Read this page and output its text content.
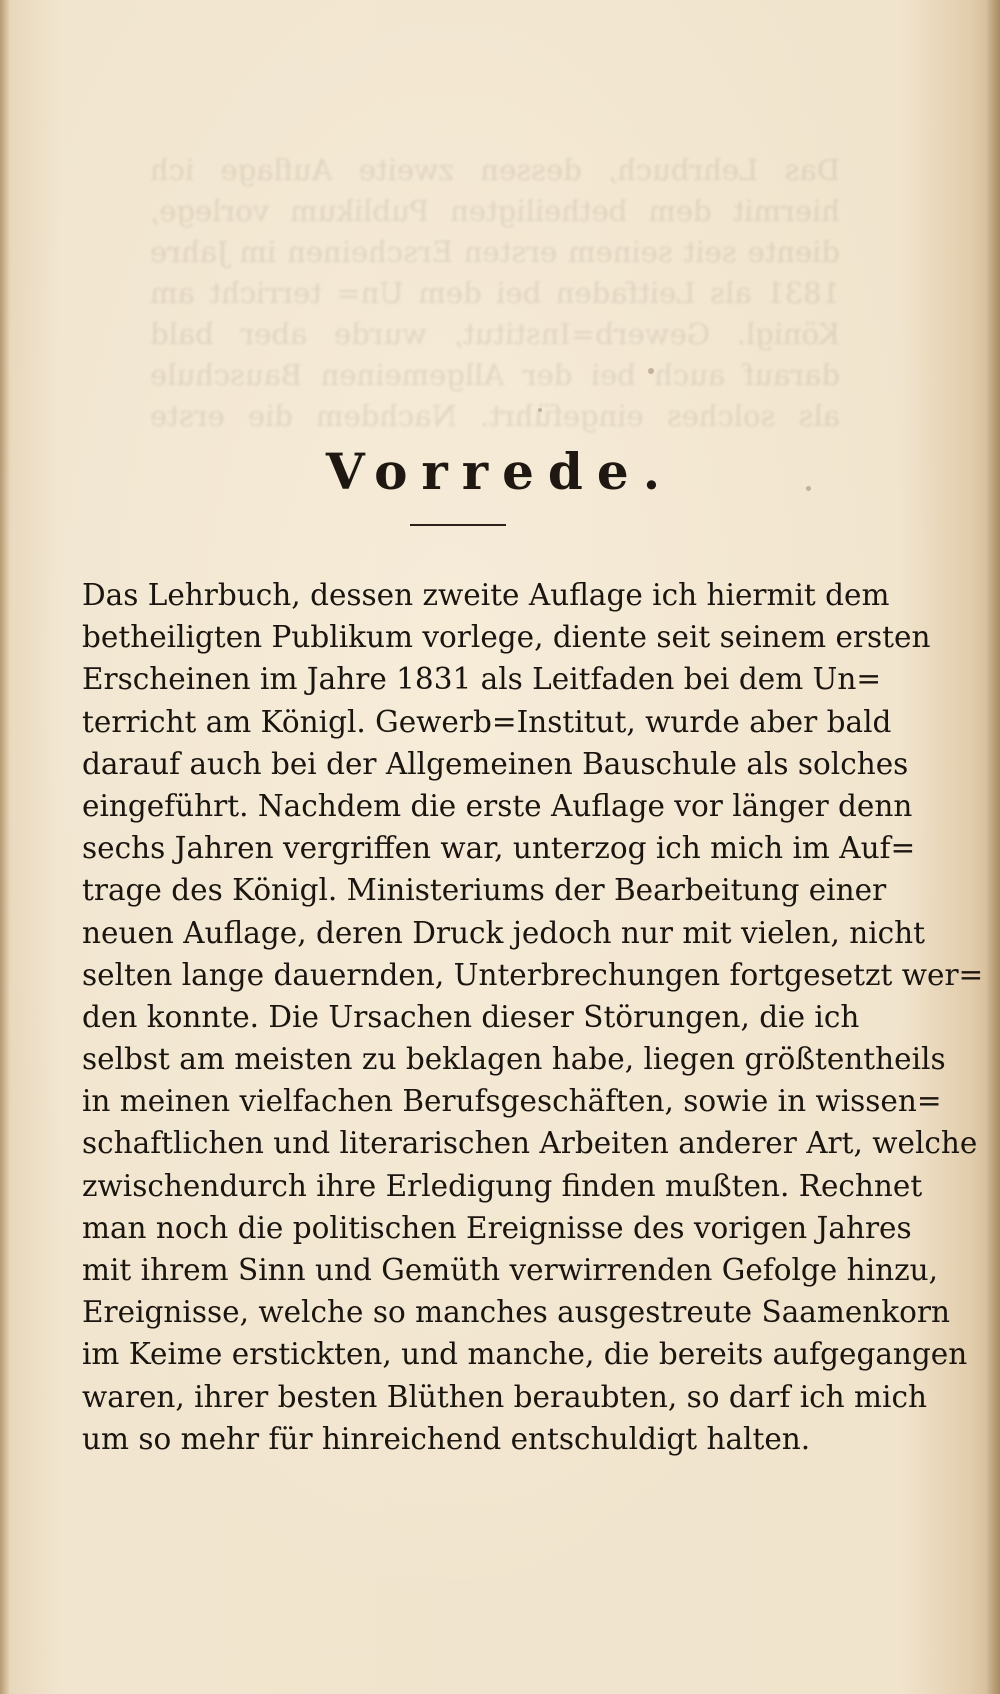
Das Lehrbuch, dessen zweite Auflage ich hiermit dem betheiligten Publikum vorlege, diente seit seinem ersten Erscheinen im Jahre 1831 als Leitfaden bei dem Un= terricht am Königl. Gewerb=Institut, wurde aber bald darauf auch bei der Allgemeinen Bauschule als solches eingeführt. Nachdem die erste
Vorrede.
Das Lehrbuch, dessen zweite Auflage ich hiermit dem
betheiligten Publikum vorlege, diente seit seinem ersten
Erscheinen im Jahre 1831 als Leitfaden bei dem Un=
terricht am Königl. Gewerb=Institut, wurde aber bald
darauf auch bei der Allgemeinen Bauschule als solches
eingeführt. Nachdem die erste Auflage vor länger denn
sechs Jahren vergriffen war, unterzog ich mich im Auf=
trage des Königl. Ministeriums der Bearbeitung einer
neuen Auflage, deren Druck jedoch nur mit vielen, nicht
selten lange dauernden, Unterbrechungen fortgesetzt wer=
den konnte. Die Ursachen dieser Störungen, die ich
selbst am meisten zu beklagen habe, liegen größtentheils
in meinen vielfachen Berufsgeschäften, sowie in wissen=
schaftlichen und literarischen Arbeiten anderer Art, welche
zwischendurch ihre Erledigung finden mußten. Rechnet
man noch die politischen Ereignisse des vorigen Jahres
mit ihrem Sinn und Gemüth verwirrenden Gefolge hinzu,
Ereignisse, welche so manches ausgestreute Saamenkorn
im Keime erstickten, und manche, die bereits aufgegangen
waren, ihrer besten Blüthen beraubten, so darf ich mich
um so mehr für hinreichend entschuldigt halten.
